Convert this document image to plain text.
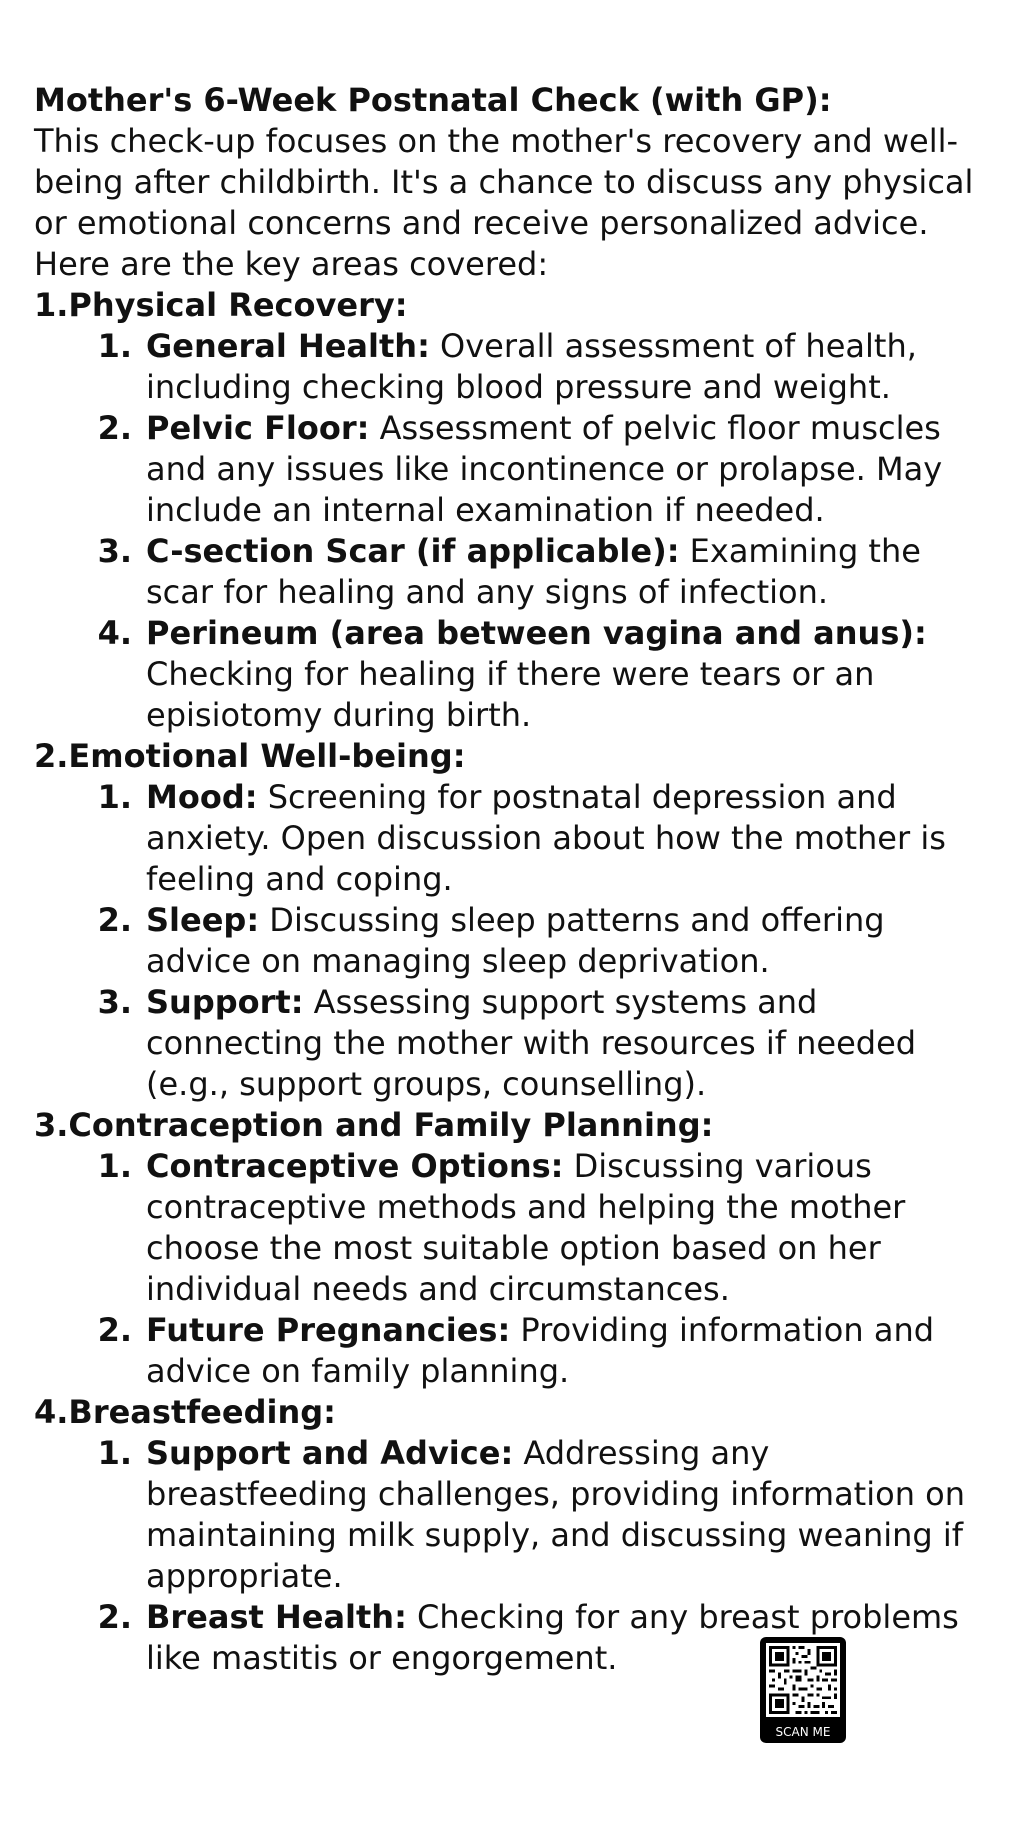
Mother's 6-Week Postnatal Check (with GP):

This check-up focuses on the mother's recovery and well-

being after childbirth. It's a chance to discuss any physical

or emotional concerns and receive personalized advice.

Here are the key areas covered:

1.Physical Recovery:

1. General Health: Overall assessment of health, including checking blood pressure and weight.
2. Pelvic Floor: Assessment of pelvic floor muscles and any issues like incontinence or prolapse. May include an internal examination if needed.
3. C-section Scar (if applicable): Examining the scar for healing and any signs of infection.
4. Perineum (area between vagina and anus): Checking for healing if there were tears or an episiotomy during birth.

2.Emotional Well-being:

1. Mood: Screening for postnatal depression and anxiety. Open discussion about how the mother is feeling and coping.
2. Sleep: Discussing sleep patterns and offering advice on managing sleep deprivation.
3. Support: Assessing support systems and connecting the mother with resources if needed (e.g., support groups, counselling).

3.Contraception and Family Planning:

1. Contraceptive Options: Discussing various contraceptive methods and helping the mother choose the most suitable option based on her individual needs and circumstances.
2. Future Pregnancies: Providing information and advice on family planning.

4.Breastfeeding:

1. Support and Advice: Addressing any breastfeeding challenges, providing information on maintaining milk supply, and discussing weaning if appropriate.
2. Breast Health: Checking for any breast problems like mastitis or engorgement.
SCAN ME
